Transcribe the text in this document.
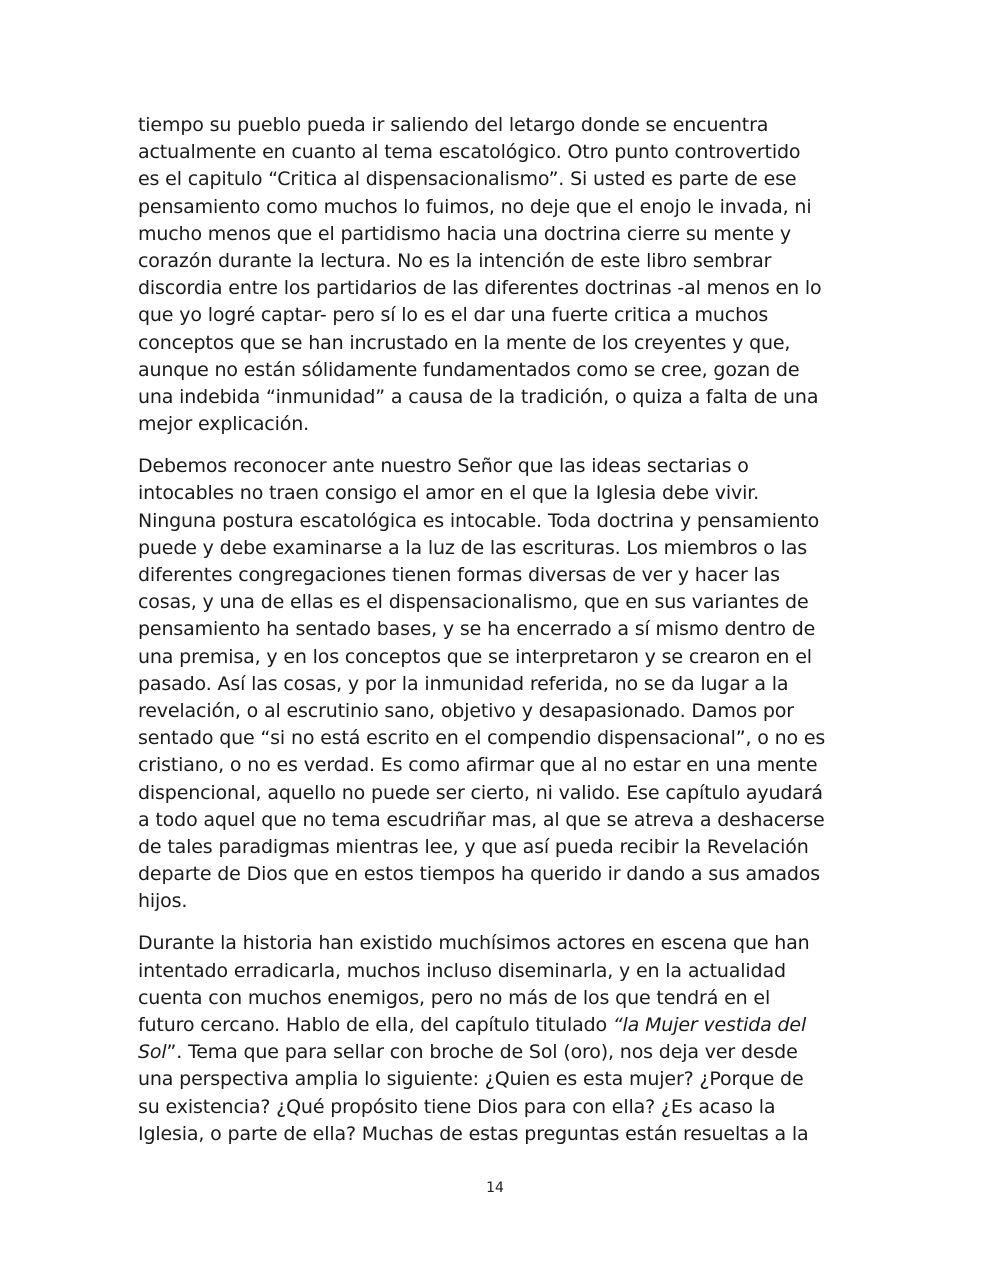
tiempo su pueblo pueda ir saliendo del letargo donde se encuentra
actualmente en cuanto al tema escatológico. Otro punto controvertido
es el capitulo “Critica al dispensacionalismo”. Si usted es parte de ese
pensamiento como muchos lo fuimos, no deje que el enojo le invada, ni
mucho menos que el partidismo hacia una doctrina cierre su mente y
corazón durante la lectura. No es la intención de este libro sembrar
discordia entre los partidarios de las diferentes doctrinas -al menos en lo
que yo logré captar- pero sí lo es el dar una fuerte critica a muchos
conceptos que se han incrustado en la mente de los creyentes y que,
aunque no están sólidamente fundamentados como se cree, gozan de
una indebida “inmunidad” a causa de la tradición, o quiza a falta de una
mejor explicación.
Debemos reconocer ante nuestro Señor que las ideas sectarias o
intocables no traen consigo el amor en el que la Iglesia debe vivir.
Ninguna postura escatológica es intocable. Toda doctrina y pensamiento
puede y debe examinarse a la luz de las escrituras. Los miembros o las
diferentes congregaciones tienen formas diversas de ver y hacer las
cosas, y una de ellas es el dispensacionalismo, que en sus variantes de
pensamiento ha sentado bases, y se ha encerrado a sí mismo dentro de
una premisa, y en los conceptos que se interpretaron y se crearon en el
pasado. Así las cosas, y por la inmunidad referida, no se da lugar a la
revelación, o al escrutinio sano, objetivo y desapasionado. Damos por
sentado que “si no está escrito en el compendio dispensacional”, o no es
cristiano, o no es verdad. Es como afirmar que al no estar en una mente
dispencional, aquello no puede ser cierto, ni valido. Ese capítulo ayudará
a todo aquel que no tema escudriñar mas, al que se atreva a deshacerse
de tales paradigmas mientras lee, y que así pueda recibir la Revelación
departe de Dios que en estos tiempos ha querido ir dando a sus amados
hijos.
Durante la historia han existido muchísimos actores en escena que han
intentado erradicarla, muchos incluso diseminarla, y en la actualidad
cuenta con muchos enemigos, pero no más de los que tendrá en el
futuro cercano. Hablo de ella, del capítulo titulado “la Mujer vestida del
Sol”. Tema que para sellar con broche de Sol (oro), nos deja ver desde
una perspectiva amplia lo siguiente: ¿Quien es esta mujer? ¿Porque de
su existencia? ¿Qué propósito tiene Dios para con ella? ¿Es acaso la
Iglesia, o parte de ella? Muchas de estas preguntas están resueltas a la
14
